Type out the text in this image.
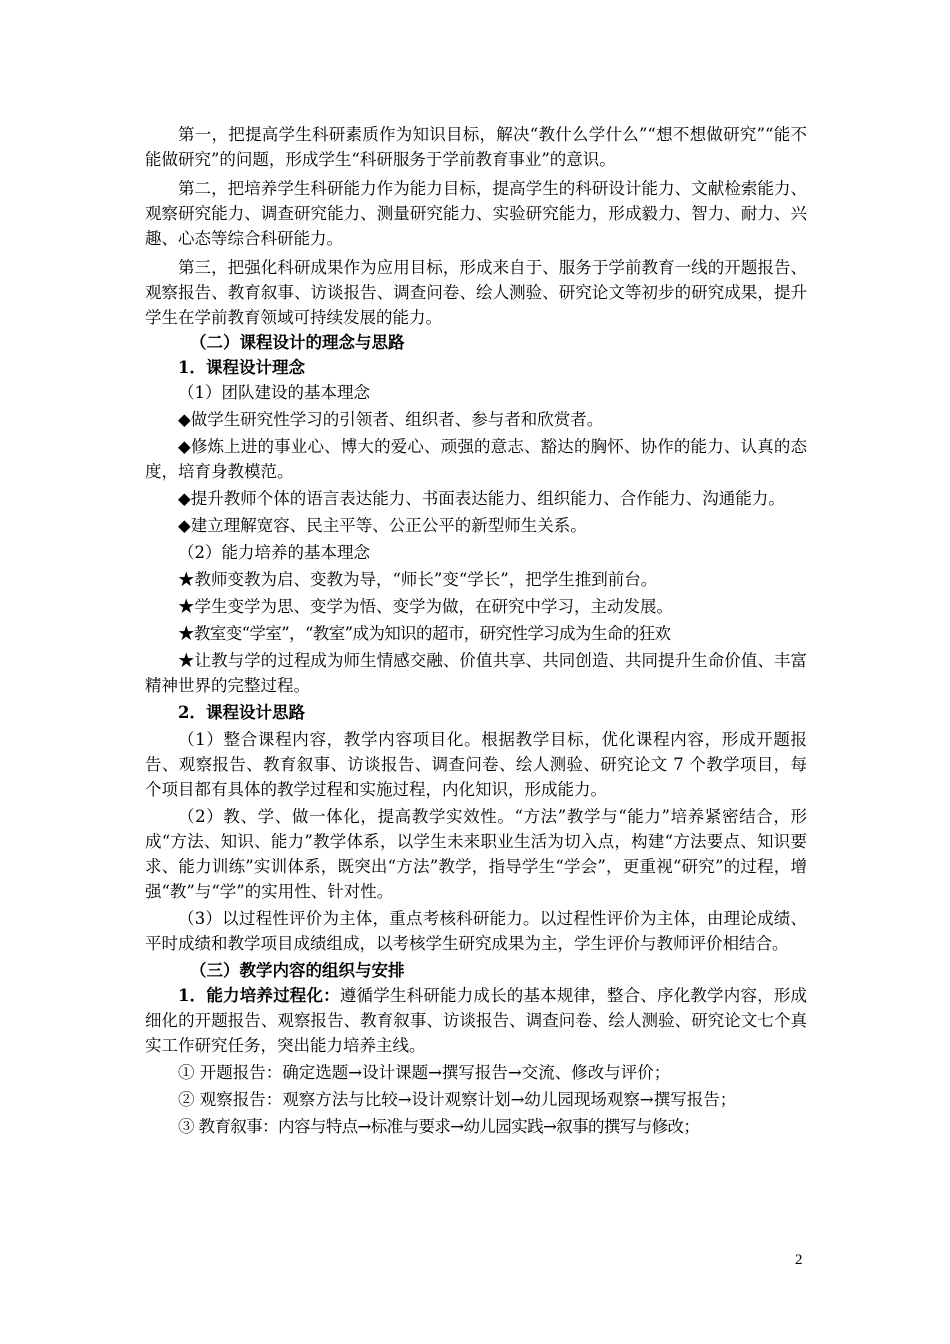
第一，把提高学生科研素质作为知识目标，解决“教什么学什么”“想不想做研究”“能不能做研究”的问题，形成学生“科研服务于学前教育事业”的意识。

第二，把培养学生科研能力作为能力目标，提高学生的科研设计能力、文献检索能力、观察研究能力、调查研究能力、测量研究能力、实验研究能力，形成毅力、智力、耐力、兴趣、心态等综合科研能力。

第三，把强化科研成果作为应用目标，形成来自于、服务于学前教育一线的开题报告、观察报告、教育叙事、访谈报告、调查问卷、绘人测验、研究论文等初步的研究成果，提升学生在学前教育领域可持续发展的能力。

（二）课程设计的理念与思路

1．课程设计理念

（1）团队建设的基本理念

◆做学生研究性学习的引领者、组织者、参与者和欣赏者。

◆修炼上进的事业心、博大的爱心、顽强的意志、豁达的胸怀、协作的能力、认真的态度，培育身教模范。

◆提升教师个体的语言表达能力、书面表达能力、组织能力、合作能力、沟通能力。

◆建立理解宽容、民主平等、公正公平的新型师生关系。

（2）能力培养的基本理念

★教师变教为启、变教为导，“师长”变“学长”，把学生推到前台。

★学生变学为思、变学为悟、变学为做，在研究中学习，主动发展。

★教室变“学室”，“教室”成为知识的超市，研究性学习成为生命的狂欢

★让教与学的过程成为师生情感交融、价值共享、共同创造、共同提升生命价值、丰富精神世界的完整过程。

2．课程设计思路

（1）整合课程内容，教学内容项目化。根据教学目标，优化课程内容，形成开题报告、观察报告、教育叙事、访谈报告、调查问卷、绘人测验、研究论文 7 个教学项目，每个项目都有具体的教学过程和实施过程，内化知识，形成能力。

（2）教、学、做一体化，提高教学实效性。“方法”教学与“能力”培养紧密结合，形成“方法、知识、能力”教学体系，以学生未来职业生活为切入点，构建“方法要点、知识要求、能力训练”实训体系，既突出“方法”教学，指导学生“学会”，更重视“研究”的过程，增强“教”与“学”的实用性、针对性。

（3）以过程性评价为主体，重点考核科研能力。以过程性评价为主体，由理论成绩、平时成绩和教学项目成绩组成，以考核学生研究成果为主，学生评价与教师评价相结合。

（三）教学内容的组织与安排

1．能力培养过程化：遵循学生科研能力成长的基本规律，整合、序化教学内容，形成细化的开题报告、观察报告、教育叙事、访谈报告、调查问卷、绘人测验、研究论文七个真实工作研究任务，突出能力培养主线。

① 开题报告：确定选题→设计课题→撰写报告→交流、修改与评价；

② 观察报告：观察方法与比较→设计观察计划→幼儿园现场观察→撰写报告；

③ 教育叙事：内容与特点→标准与要求→幼儿园实践→叙事的撰写与修改；

2
